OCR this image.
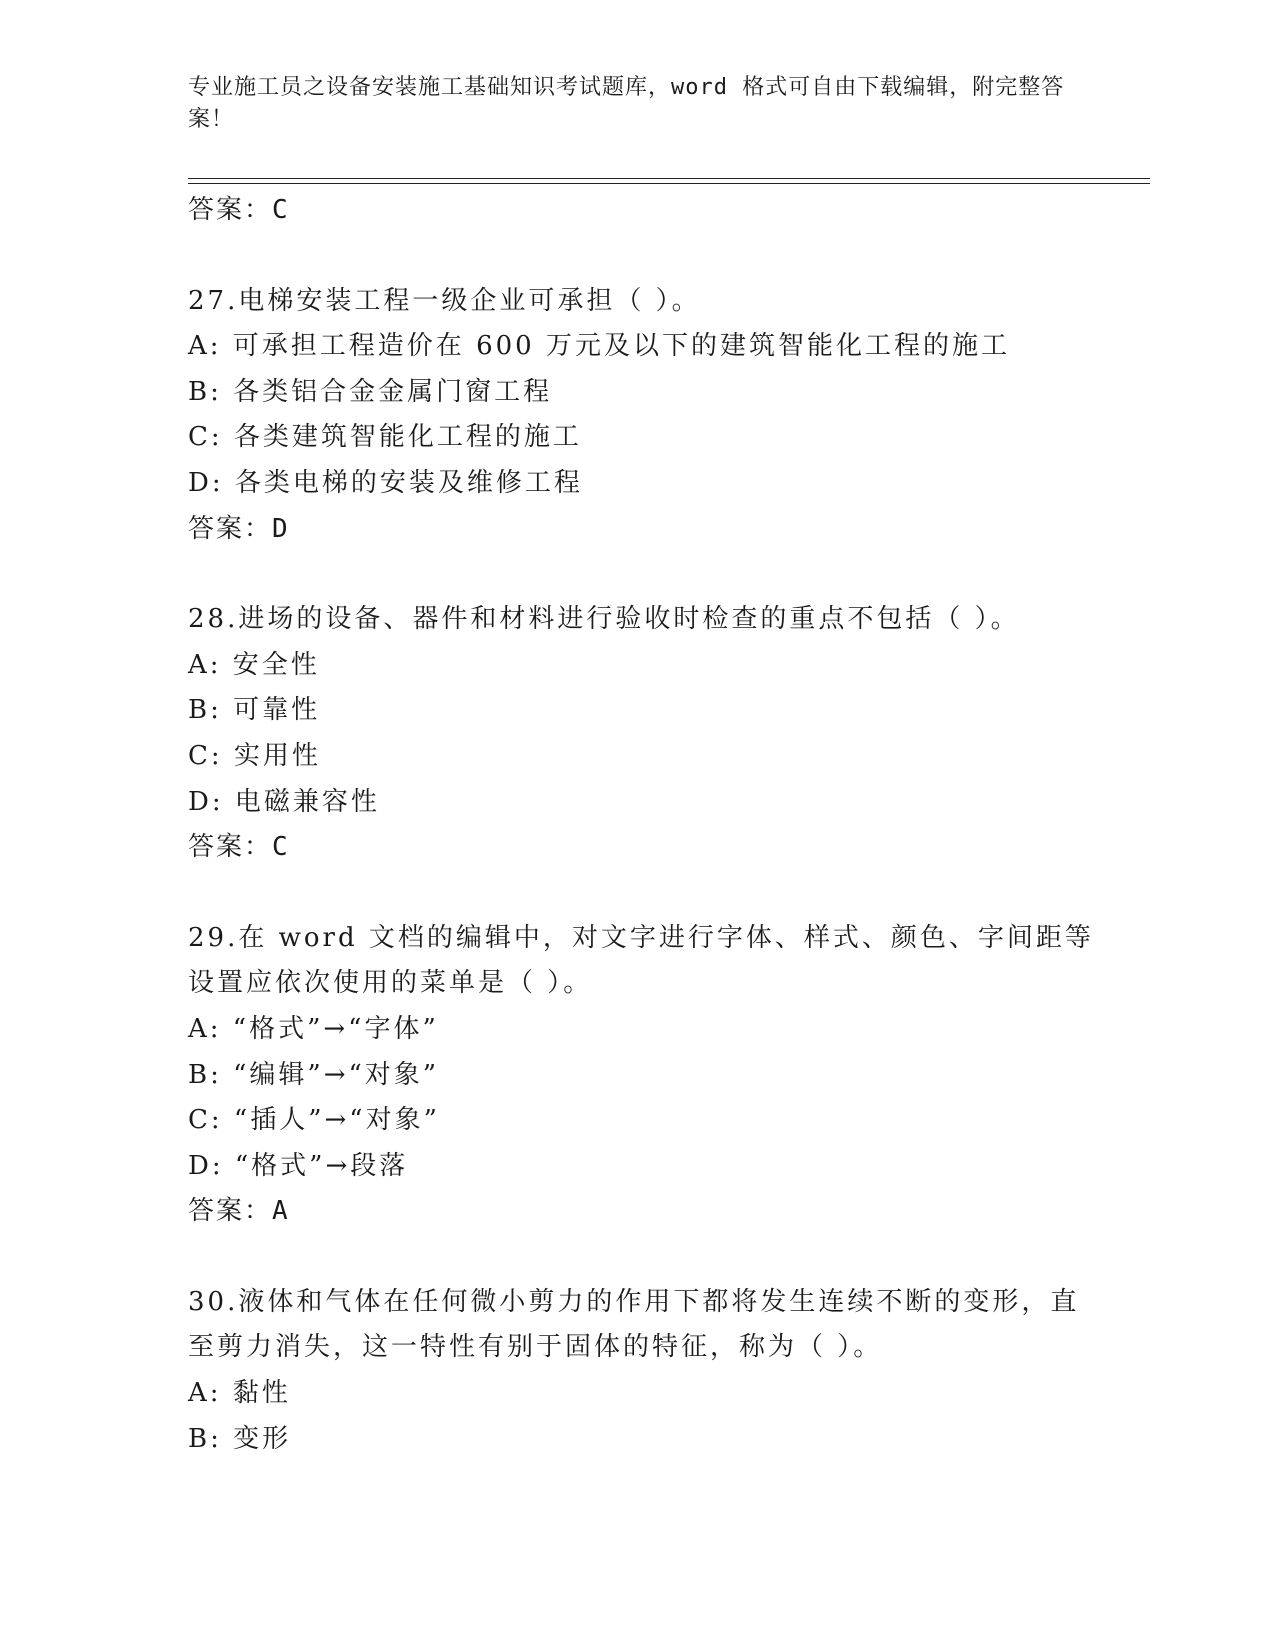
专业施工员之设备安装施工基础知识考试题库，word 格式可自由下载编辑，附完整答案！
答案：C
27.电梯安装工程一级企业可承担（ ）。
A: 可承担工程造价在 600 万元及以下的建筑智能化工程的施工
B: 各类铝合金金属门窗工程
C: 各类建筑智能化工程的施工
D: 各类电梯的安装及维修工程
答案：D
28.进场的设备、器件和材料进行验收时检查的重点不包括（ ）。
A: 安全性
B: 可靠性
C: 实用性
D: 电磁兼容性
答案：C
29.在 word 文档的编辑中，对文字进行字体、样式、颜色、字间距等
设置应依次使用的菜单是（ ）。
A: “格式”→“字体”
B: “编辑”→“对象”
C: “插人”→“对象”
D: “格式”→段落
答案：A
30.液体和气体在任何微小剪力的作用下都将发生连续不断的变形，直
至剪力消失，这一特性有别于固体的特征，称为（ ）。
A: 黏性
B: 变形
